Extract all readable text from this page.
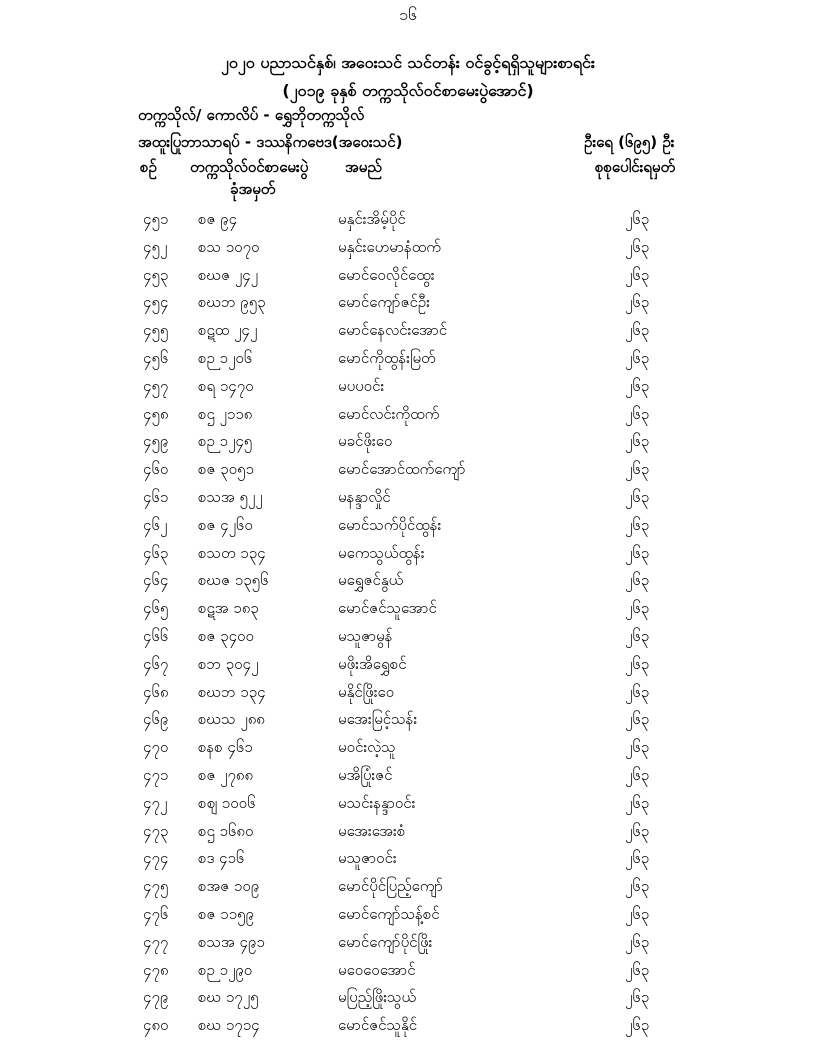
၁၆
၂၀၂၀ ပညာသင်နှစ်၊ အဝေးသင် သင်တန်း ဝင်ခွင့်ရရှိသူများစာရင်း
(၂၀၁၉ ခုနှစ် တက္ကသိုလ်ဝင်စာမေးပွဲအောင်)
တက္ကသိုလ်/ ကောလိပ် - ရွှေဘိုတက္ကသိုလ်
အထူးပြုဘာသာရပ် - ဒဿနိကဗေဒ(အဝေးသင်)	ဦးရေ (၆၉၅) ဦး
စဉ် တက္ကသိုလ်ဝင်စာမေးပွဲ
ခုံအမှတ်
အမည်	စုစုပေါင်းရမှတ်
၄၅၁ စဇ ၉၄	မနှင်းအိမ့်ပိုင်	၂၆၃
၄၅၂ စသ ၁၀၇၀	မနှင်းဟေမာနံထက်	၂၆၃
၄၅၃ စဃဇ ၂၄၂	မောင်ဝေလိုင်ထွေး	၂၆၃
၄၅၄ စဃဘ ၉၅၃	မောင်ကျော်ဇင်ဦး	၂၆၃
၄၅၅ စဋထ ၂၄၂	မောင်နေလင်းအောင်	၂၆၃
၄၅၆ စဉ ၁၂၀၆	မောင်ကိုထွန်းမြတ်	၂၆၃
၄၅၇ စရ ၁၄၇၀	မပပဝင်း	၂၆၃
၄၅၈ စဌ ၂၁၁၈	မောင်လင်းကိုထက်	၂၆၃
၄၅၉ စဉ ၁၂၄၅	မခင်ဖိုးဝေ	၂၆၃
၄၆၀ စဇ ၃၀၅၁	မောင်အောင်ထက်ကျော်	၂၆၃
၄၆၁ စသအ ၅၂၂	မနန္ဒာလှိုင်	၂၆၃
၄၆၂ စဇ ၄၂၆၀	မောင်သက်ပိုင်ထွန်း	၂၆၃
၄၆၃ စသတ ၁၃၄	မကေသွယ်ထွန်း	၂၆၃
၄၆၄ စဃဇ ၁၃၅၆	မရွှေဇင်နွယ်	၂၆၃
၄၆၅ စဋအ ၁၈၃	မောင်ဇင်သူအောင်	၂၆၃
၄၆၆ စဇ ၃၄၀၀	မသူဇာမွန်	၂၆၃
၄၆၇ စဘ ၃၀၄၂	မဖိုးအိရွှေစင်	၂၆၃
၄၆၈ စဃဘ ၁၃၄	မနိုင်ဖြိုးဝေ	၂၆၃
၄၆၉ စဃသ ၂၈၈	မအေးမြင့်သန်း	၂၆၃
၄၇၀ စနစ ၄၆၁	မဝင်းလဲ့သူ	၂၆၃
၄၇၁ စဇ ၂၇၈၈	မအိပြုံးဇင်	၂၆၃
၄၇၂ စဈ ၁၀၀၆	မသင်းနန္ဒာဝင်း	၂၆၃
၄၇၃ စဌ ၁၆၈၀	မအေးအေးစံ	၂၆၃
၄၇၄ စဒ ၄၁၆	မသူဇာဝင်း	၂၆၃
၄၇၅ စအဇ ၁၀၉	မောင်ပိုင်ပြည့်ကျော်	၂၆၃
၄၇၆ စဇ ၁၁၅၉	မောင်ကျော်သန့်စင်	၂၆၃
၄၇၇ စသအ ၄၉၁	မောင်ကျော်ပိုင်ဖြိုး	၂၆၃
၄၇၈ စဉ ၁၂၉၀	မဝေဝေအောင်	၂၆၃
၄၇၉ စဃ ၁၇၂၅	မပြည့်ဖြိုးသွယ်	၂၆၃
၄၈၀ စဃ ၁၇၁၄	မောင်ဇင်သူနိုင်	၂၆၃
